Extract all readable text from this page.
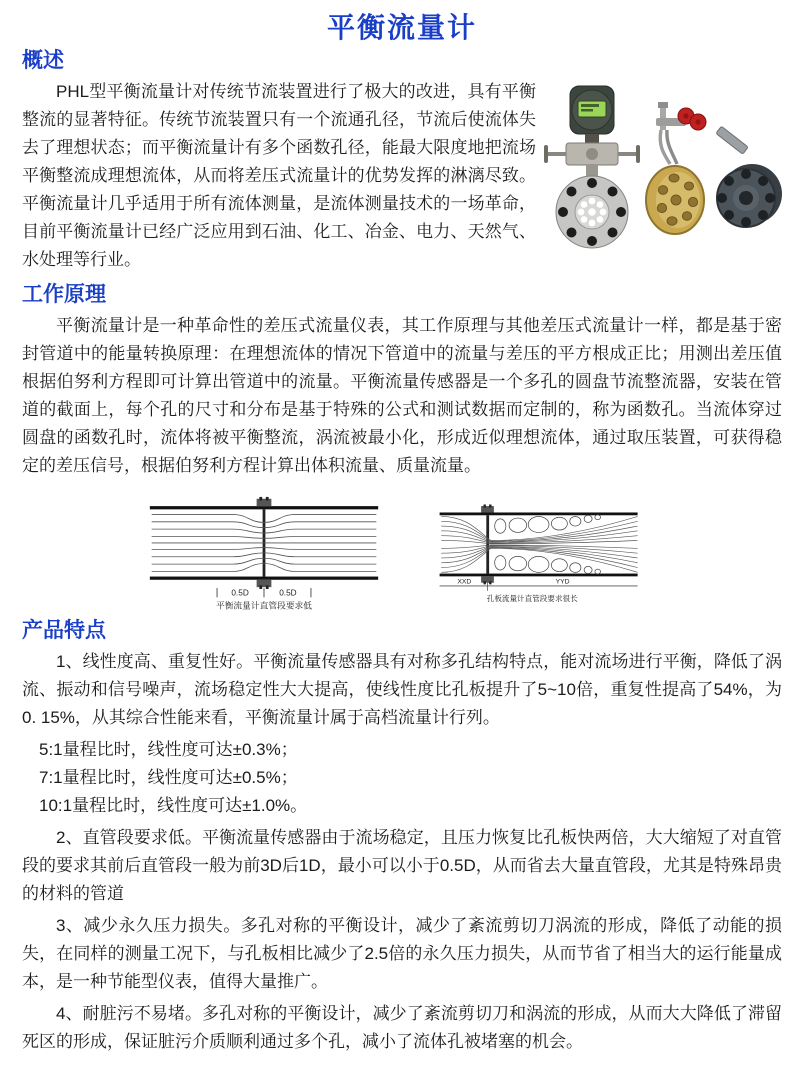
平衡流量计
概述

PHL型平衡流量计对传统节流装置进行了极大的改进，具有平衡整流的显著特征。传统节流装置只有一个流通孔径，节流后使流体失去了理想状态；而平衡流量计有多个函数孔径，能最大限度地把流场平衡整流成理想流体，从而将差压式流量计的优势发挥的淋漓尽致。平衡流量计几乎适用于所有流体测量，是流体测量技术的一场革命，目前平衡流量计已经广泛应用到石油、化工、冶金、电力、天然气、水处理等行业。

工作原理

平衡流量计是一种革命性的差压式流量仪表，其工作原理与其他差压式流量计一样，都是基于密封管道中的能量转换原理：在理想流体的情况下管道中的流量与差压的平方根成正比；用测出差压值根据伯努利方程即可计算出管道中的流量。平衡流量传感器是一个多孔的圆盘节流整流器，安装在管道的截面上，每个孔的尺寸和分布是基于特殊的公式和测试数据而定制的，称为函数孔。当流体穿过圆盘的函数孔时，流体将被平衡整流，涡流被最小化，形成近似理想流体，通过取压装置，可获得稳定的差压信号，根据伯努利方程计算出体积流量、质量流量。

0.5D	0.5D
平衡流量计直管段要求低
XXD	YYD
孔板流量计直管段要求很长
产品特点

1、线性度高、重复性好。平衡流量传感器具有对称多孔结构特点，能对流场进行平衡，降低了涡流、振动和信号噪声，流场稳定性大大提高，使线性度比孔板提升了5~10倍，重复性提高了54%，为0. 15%，从其综合性能来看，平衡流量计属于高档流量计行列。

5:1量程比时，线性度可达±0.3%；

7:1量程比时，线性度可达±0.5%；

10:1量程比时，线性度可达±1.0%。

2、直管段要求低。平衡流量传感器由于流场稳定，且压力恢复比孔板快两倍，大大缩短了对直管段的要求其前后直管段一般为前3D后1D，最小可以小于0.5D，从而省去大量直管段，尤其是特殊昂贵的材料的管道

3、减少永久压力损失。多孔对称的平衡设计，减少了紊流剪切刀涡流的形成，降低了动能的损失，在同样的测量工况下，与孔板相比减少了2.5倍的永久压力损失，从而节省了相当大的运行能量成本，是一种节能型仪表，值得大量推广。

4、耐脏污不易堵。多孔对称的平衡设计，减少了紊流剪切刀和涡流的形成，从而大大降低了滞留死区的形成，保证脏污介质顺利通过多个孔，减小了流体孔被堵塞的机会。
